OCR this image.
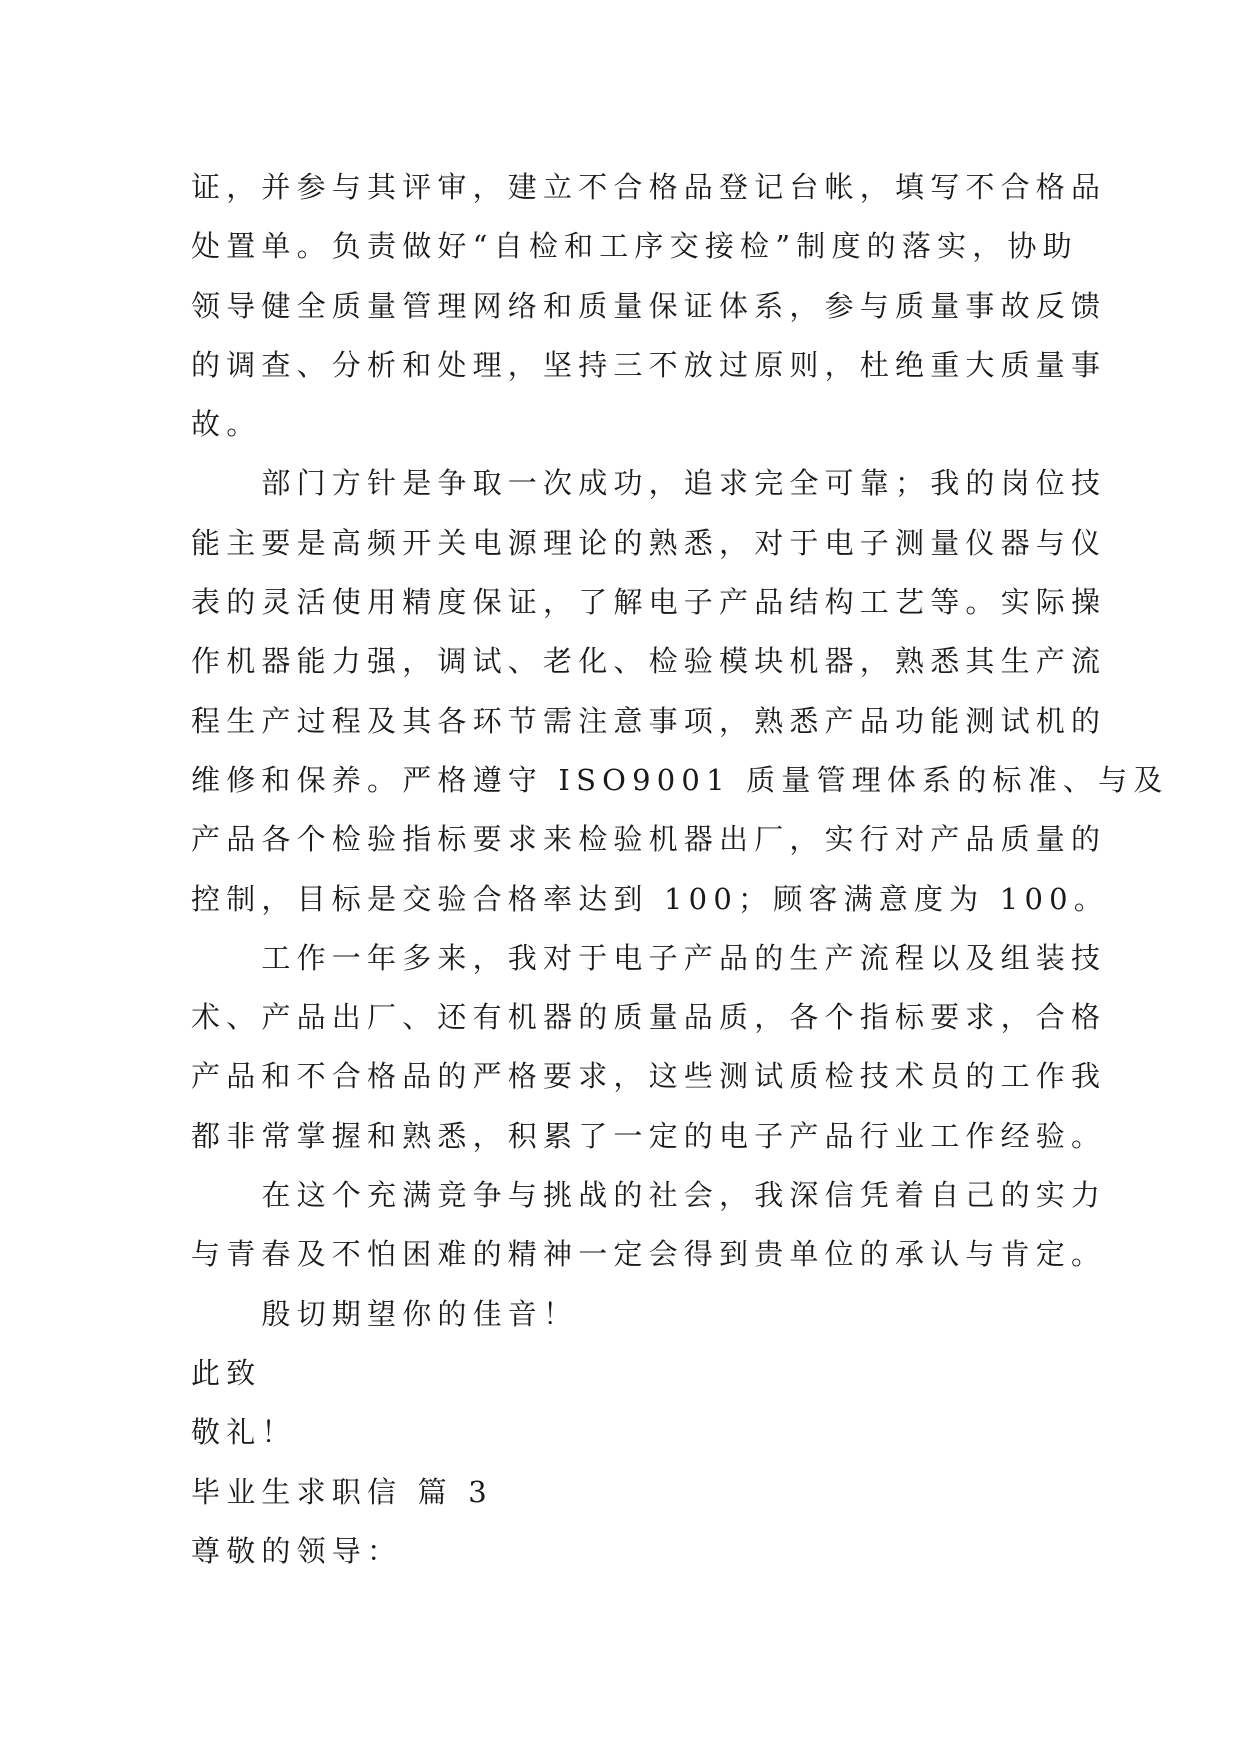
证，并参与其评审，建立不合格品登记台帐，填写不合格品

处置单。负责做好“自检和工序交接检”制度的落实，协助

领导健全质量管理网络和质量保证体系，参与质量事故反馈

的调查、分析和处理，坚持三不放过原则，杜绝重大质量事

故。

　　部门方针是争取一次成功，追求完全可靠；我的岗位技

能主要是高频开关电源理论的熟悉，对于电子测量仪器与仪

表的灵活使用精度保证，了解电子产品结构工艺等。实际操

作机器能力强，调试、老化、检验模块机器，熟悉其生产流

程生产过程及其各环节需注意事项，熟悉产品功能测试机的

维修和保养。严格遵守 ISO9001 质量管理体系的标准、与及

产品各个检验指标要求来检验机器出厂，实行对产品质量的

控制，目标是交验合格率达到 100；顾客满意度为 100。

　　工作一年多来，我对于电子产品的生产流程以及组装技

术、产品出厂、还有机器的质量品质，各个指标要求，合格

产品和不合格品的严格要求，这些测试质检技术员的工作我

都非常掌握和熟悉，积累了一定的电子产品行业工作经验。

　　在这个充满竞争与挑战的社会，我深信凭着自己的实力

与青春及不怕困难的精神一定会得到贵单位的承认与肯定。

　　殷切期望你的佳音！

此致

敬礼！

毕业生求职信 篇 3

尊敬的领导：
